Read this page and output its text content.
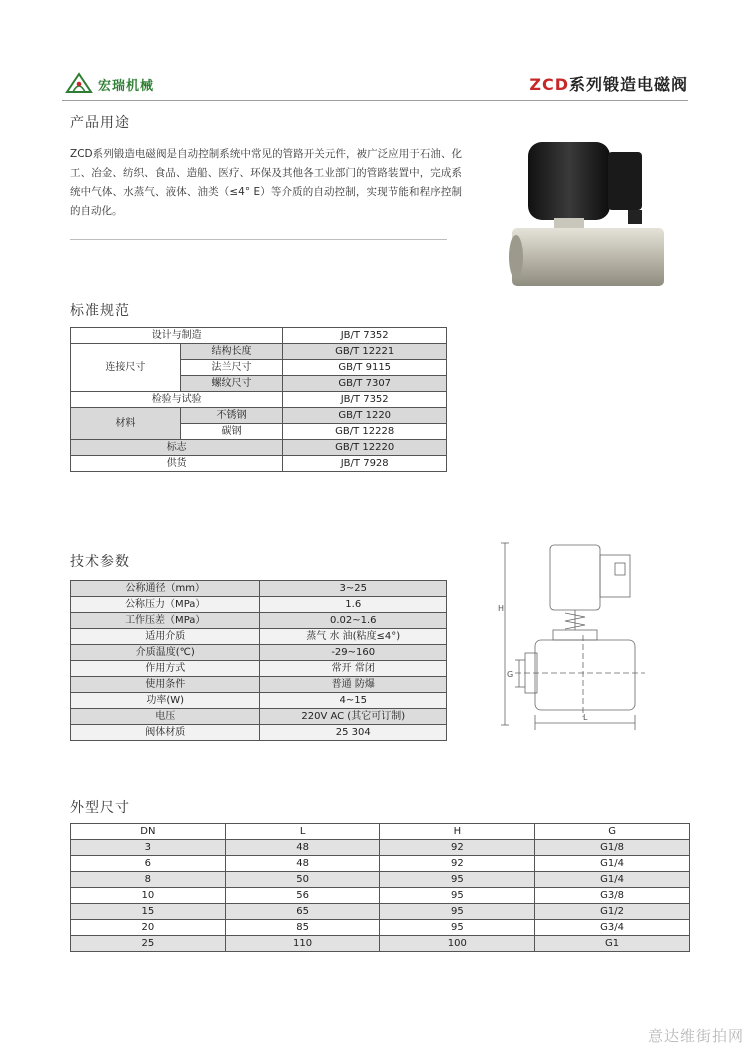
宏瑞机械	ZCD系列锻造电磁阀
产品用途
ZCD系列锻造电磁阀是自动控制系统中常见的管路开关元件，被广泛应用于石油、化工、冶金、纺织、食品、造船、医疗、环保及其他各工业部门的管路装置中，完成系统中气体、水蒸气、液体、油类（≤4° E）等介质的自动控制，实现节能和程序控制的自动化。
标准规范
设计与制造		JB/T 7352
连接尺寸	结构长度	GB/T 12221
	法兰尺寸	GB/T 9115
	螺纹尺寸	GB/T 7307
检验与试验		JB/T 7352
材料	不锈钢	GB/T 1220
	碳钢	GB/T 12228
标志		GB/T 12220
供货		JB/T 7928
技术参数
公称通径（mm）	3~25
公称压力（MPa）	1.6
工作压差（MPa）	0.02~1.6
适用介质	蒸气 水 油(粘度≤4°)
介质温度(℃)	-29~160
作用方式	常开 常闭
使用条件	普通 防爆
功率(W)	4~15
电压	220V AC (其它可订制)
阀体材质	25 304
H
G
L
外型尺寸
DN	L	H	G
3	48	92	G1/8
6	48	92	G1/4
8	50	95	G1/4
10	56	95	G3/8
15	65	95	G1/2
20	85	95	G3/4
25	110	100	G1
意达维街拍网
